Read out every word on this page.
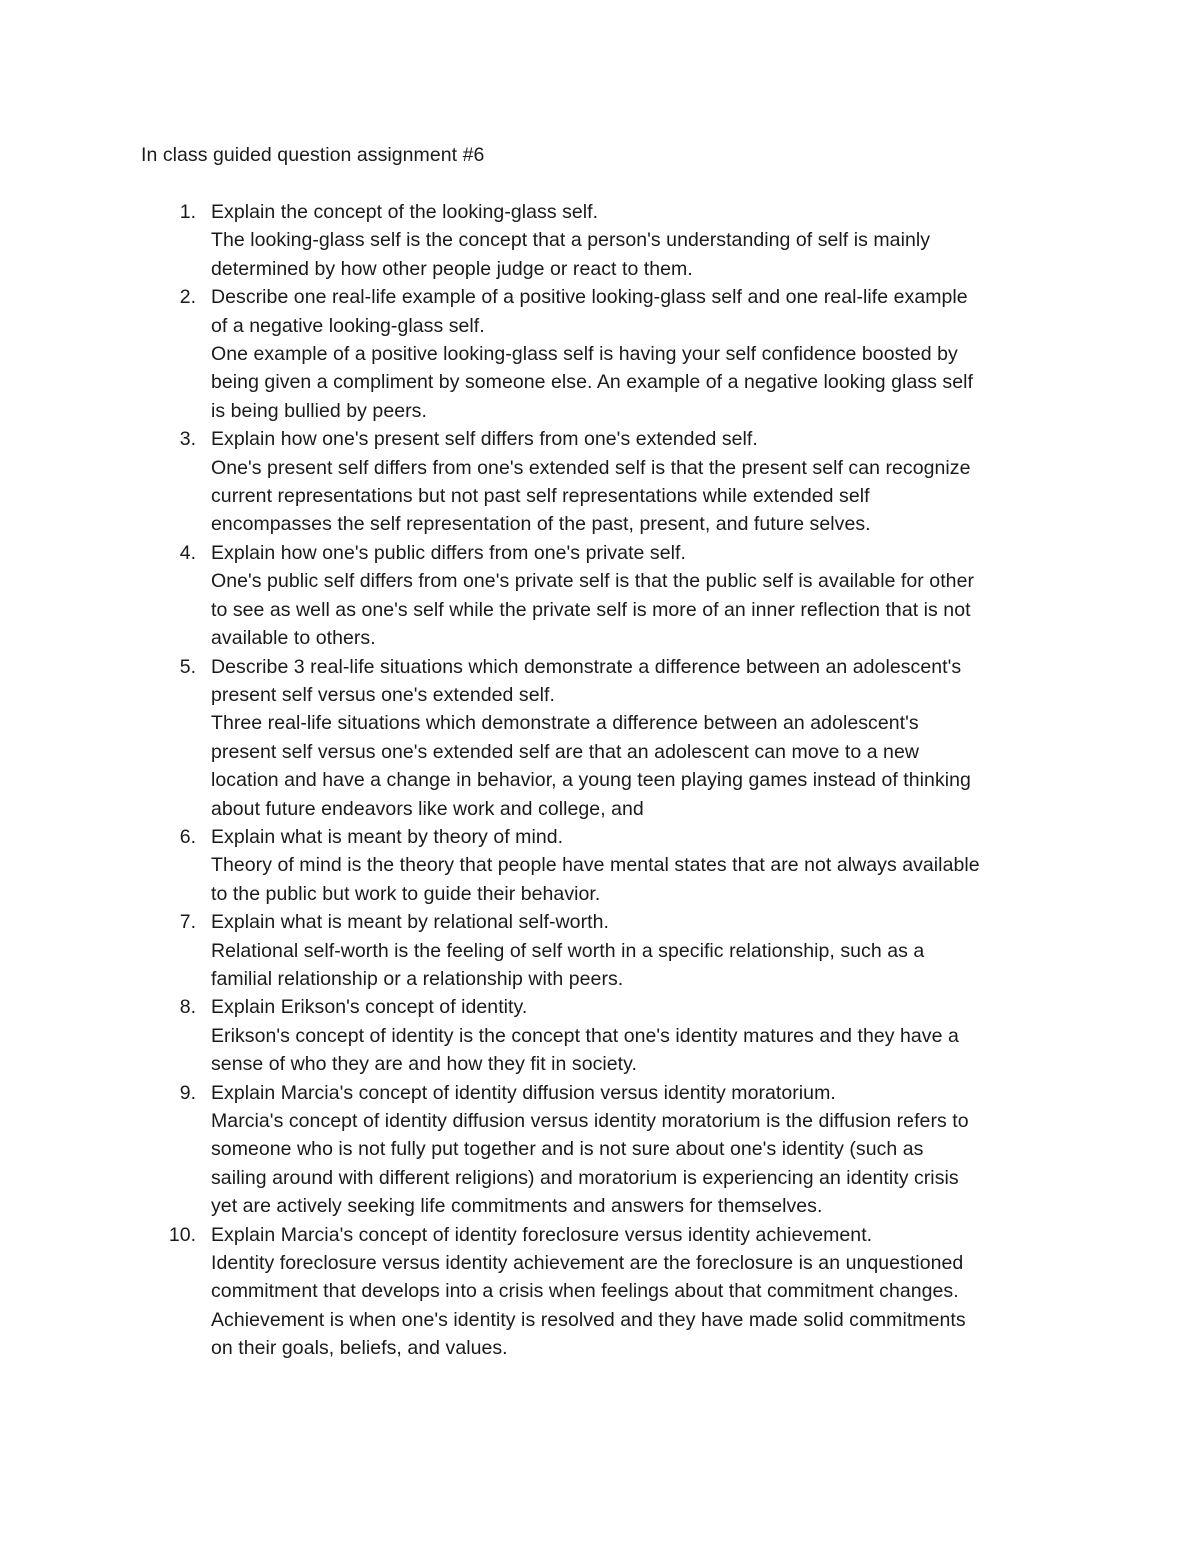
In class guided question assignment #6
1. Explain the concept of the looking-glass self.
The looking-glass self is the concept that a person's understanding of self is mainly
determined by how other people judge or react to them.
2. Describe one real-life example of a positive looking-glass self and one real-life example
of a negative looking-glass self.
One example of a positive looking-glass self is having your self confidence boosted by
being given a compliment by someone else. An example of a negative looking glass self
is being bullied by peers.
3. Explain how one's present self differs from one's extended self.
One's present self differs from one's extended self is that the present self can recognize
current representations but not past self representations while extended self
encompasses the self representation of the past, present, and future selves.
4. Explain how one's public differs from one's private self.
One's public self differs from one's private self is that the public self is available for other
to see as well as one's self while the private self is more of an inner reflection that is not
available to others.
5. Describe 3 real-life situations which demonstrate a difference between an adolescent's
present self versus one's extended self.
Three real-life situations which demonstrate a difference between an adolescent's
present self versus one's extended self are that an adolescent can move to a new
location and have a change in behavior, a young teen playing games instead of thinking
about future endeavors like work and college, and
6. Explain what is meant by theory of mind.
Theory of mind is the theory that people have mental states that are not always available
to the public but work to guide their behavior.
7. Explain what is meant by relational self-worth.
Relational self-worth is the feeling of self worth in a specific relationship, such as a
familial relationship or a relationship with peers.
8. Explain Erikson's concept of identity.
Erikson's concept of identity is the concept that one's identity matures and they have a
sense of who they are and how they fit in society.
9. Explain Marcia's concept of identity diffusion versus identity moratorium.
Marcia's concept of identity diffusion versus identity moratorium is the diffusion refers to
someone who is not fully put together and is not sure about one's identity (such as
sailing around with different religions) and moratorium is experiencing an identity crisis
yet are actively seeking life commitments and answers for themselves.
10. Explain Marcia's concept of identity foreclosure versus identity achievement.
Identity foreclosure versus identity achievement are the foreclosure is an unquestioned
commitment that develops into a crisis when feelings about that commitment changes.
Achievement is when one's identity is resolved and they have made solid commitments
on their goals, beliefs, and values.
